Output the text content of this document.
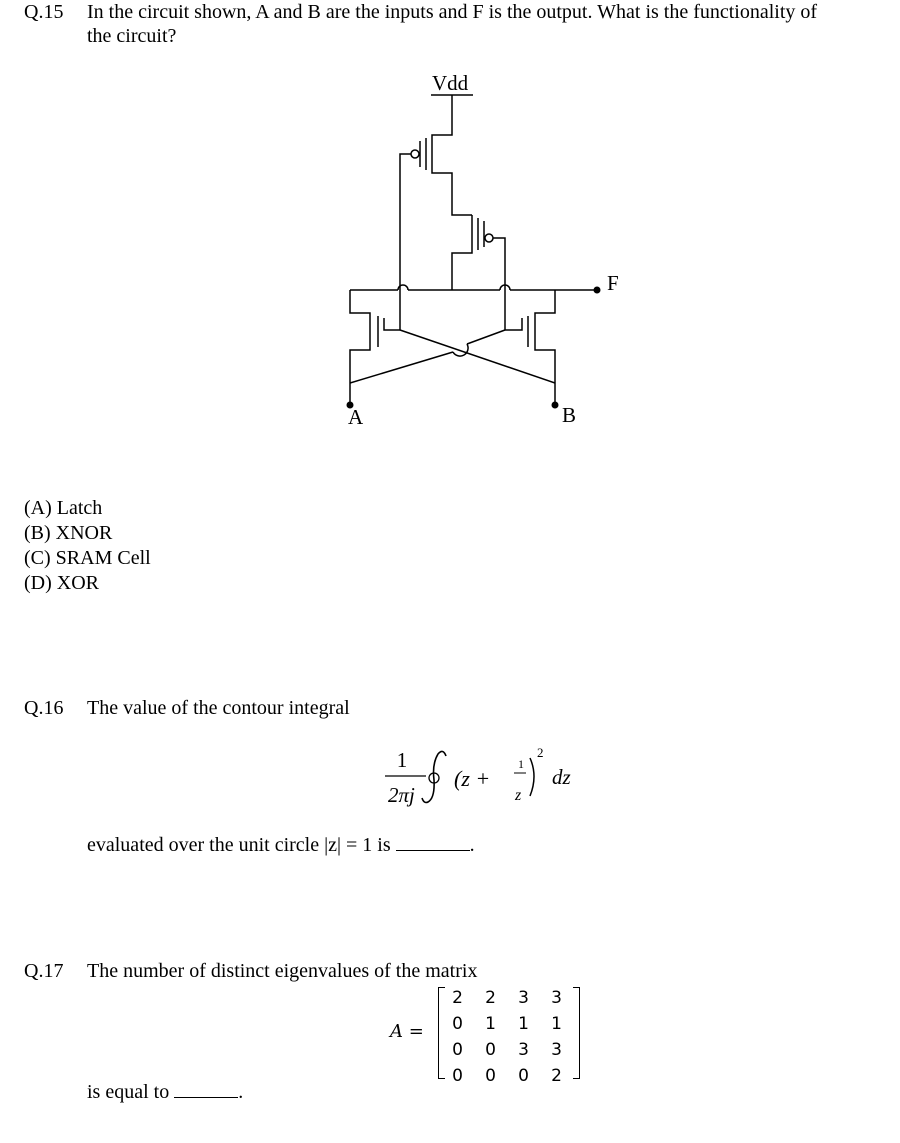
Q.15 In the circuit shown, A and B are the inputs and F is the output. What is the functionality of
the circuit?
Vdd
A	B
F
(A) Latch
(B) XNOR
(C) SRAM Cell
(D) XOR
Q.16 The value of the contour integral
1
2πj
(z +
1
z
2
dz
evaluated over the unit circle |z| = 1 is	.
Q.17 The number of distinct eigenvalues of the matrix
A =
2	2	3	3
0	1	1	1
0	0	3	3
0	0	0	2
is equal to	.
